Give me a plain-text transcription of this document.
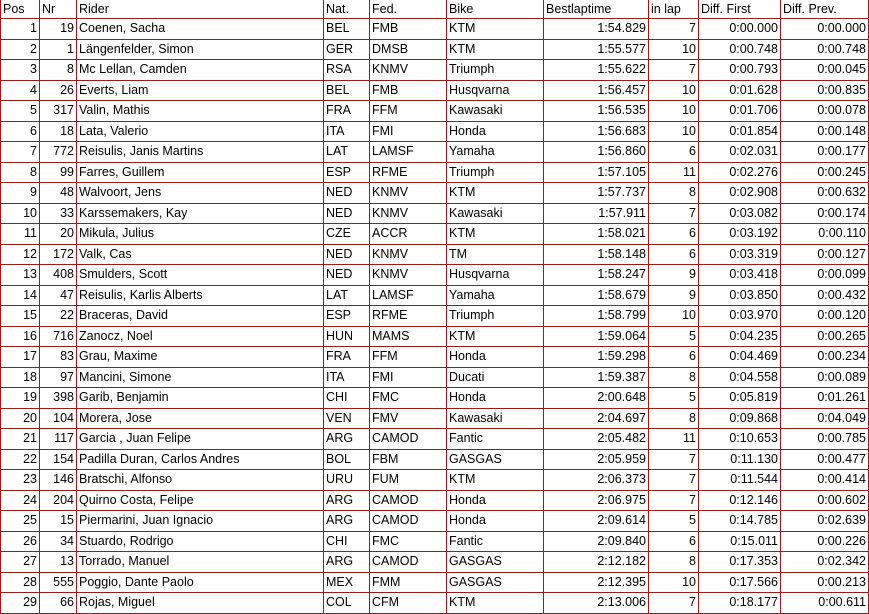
Pos	Nr	Rider	Nat.	Fed.	Bike	Bestlaptime	in lap	Diff. First	Diff. Prev.
1	19	Coenen, Sacha	BEL	FMB	KTM	1:54.829	7	0:00.000	0:00.000
2	1	Längenfelder, Simon	GER	DMSB	KTM	1:55.577	10	0:00.748	0:00.748
3	8	Mc Lellan, Camden	RSA	KNMV	Triumph	1:55.622	7	0:00.793	0:00.045
4	26	Everts, Liam	BEL	FMB	Husqvarna	1:56.457	10	0:01.628	0:00.835
5	317	Valin, Mathis	FRA	FFM	Kawasaki	1:56.535	10	0:01.706	0:00.078
6	18	Lata, Valerio	ITA	FMI	Honda	1:56.683	10	0:01.854	0:00.148
7	772	Reisulis, Janis Martins	LAT	LAMSF	Yamaha	1:56.860	6	0:02.031	0:00.177
8	99	Farres, Guillem	ESP	RFME	Triumph	1:57.105	11	0:02.276	0:00.245
9	48	Walvoort, Jens	NED	KNMV	KTM	1:57.737	8	0:02.908	0:00.632
10	33	Karssemakers, Kay	NED	KNMV	Kawasaki	1:57.911	7	0:03.082	0:00.174
11	20	Mikula, Julius	CZE	ACCR	KTM	1:58.021	6	0:03.192	0:00.110
12	172	Valk, Cas	NED	KNMV	TM	1:58.148	6	0:03.319	0:00.127
13	408	Smulders, Scott	NED	KNMV	Husqvarna	1:58.247	9	0:03.418	0:00.099
14	47	Reisulis, Karlis Alberts	LAT	LAMSF	Yamaha	1:58.679	9	0:03.850	0:00.432
15	22	Braceras, David	ESP	RFME	Triumph	1:58.799	10	0:03.970	0:00.120
16	716	Zanocz, Noel	HUN	MAMS	KTM	1:59.064	5	0:04.235	0:00.265
17	83	Grau, Maxime	FRA	FFM	Honda	1:59.298	6	0:04.469	0:00.234
18	97	Mancini, Simone	ITA	FMI	Ducati	1:59.387	8	0:04.558	0:00.089
19	398	Garib, Benjamin	CHI	FMC	Honda	2:00.648	5	0:05.819	0:01.261
20	104	Morera, Jose	VEN	FMV	Kawasaki	2:04.697	8	0:09.868	0:04.049
21	117	Garcia , Juan Felipe	ARG	CAMOD	Fantic	2:05.482	11	0:10.653	0:00.785
22	154	Padilla Duran, Carlos Andres	BOL	FBM	GASGAS	2:05.959	7	0:11.130	0:00.477
23	146	Bratschi, Alfonso	URU	FUM	KTM	2:06.373	7	0:11.544	0:00.414
24	204	Quirno Costa, Felipe	ARG	CAMOD	Honda	2:06.975	7	0:12.146	0:00.602
25	15	Piermarini, Juan Ignacio	ARG	CAMOD	Honda	2:09.614	5	0:14.785	0:02.639
26	34	Stuardo, Rodrigo	CHI	FMC	Fantic	2:09.840	6	0:15.011	0:00.226
27	13	Torrado, Manuel	ARG	CAMOD	GASGAS	2:12.182	8	0:17.353	0:02.342
28	555	Poggio, Dante Paolo	MEX	FMM	GASGAS	2:12.395	10	0:17.566	0:00.213
29	66	Rojas, Miguel	COL	CFM	KTM	2:13.006	7	0:18.177	0:00.611
